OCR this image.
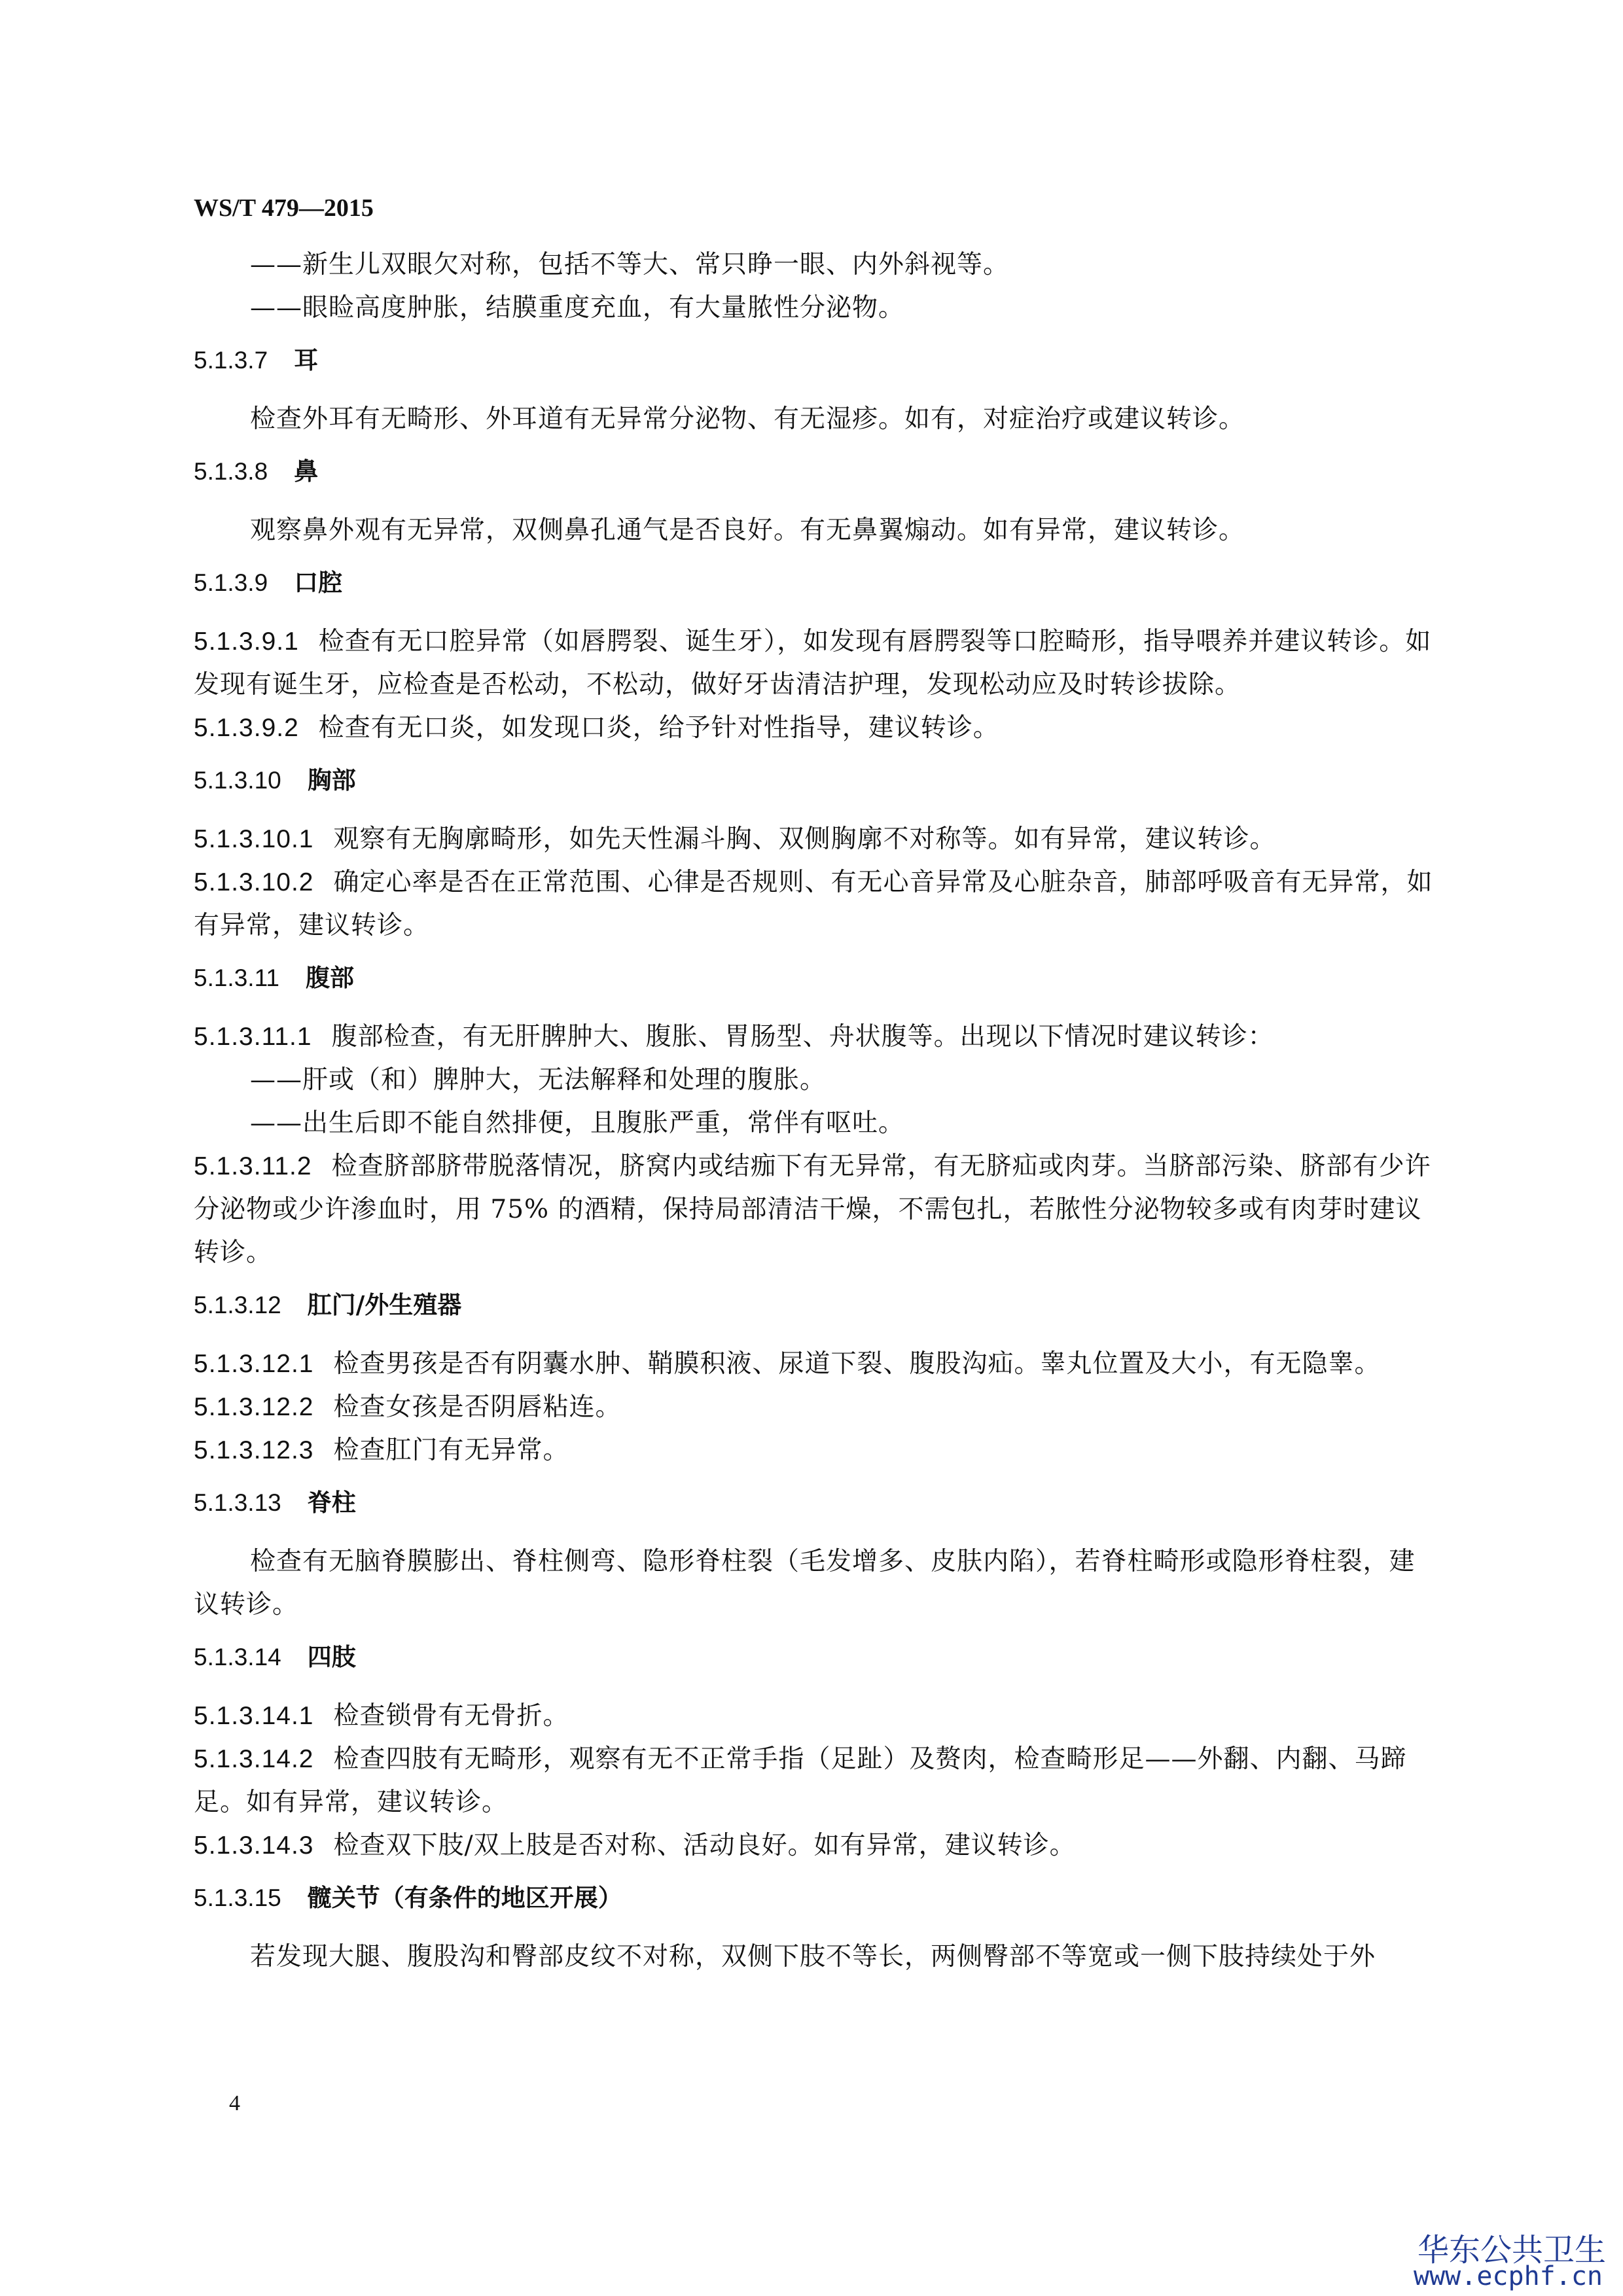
WS/T 479—2015

——新生儿双眼欠对称，包括不等大、常只睁一眼、内外斜视等。

——眼睑高度肿胀，结膜重度充血，有大量脓性分泌物。

5.1.3.7 耳

检查外耳有无畸形、外耳道有无异常分泌物、有无湿疹。如有，对症治疗或建议转诊。

5.1.3.8 鼻

观察鼻外观有无异常，双侧鼻孔通气是否良好。有无鼻翼煽动。如有异常，建议转诊。

5.1.3.9 口腔

5.1.3.9.1 检查有无口腔异常（如唇腭裂、诞生牙），如发现有唇腭裂等口腔畸形，指导喂养并建议转诊。如发现有诞生牙，应检查是否松动，不松动，做好牙齿清洁护理，发现松动应及时转诊拔除。

5.1.3.9.2 检查有无口炎，如发现口炎，给予针对性指导，建议转诊。

5.1.3.10 胸部

5.1.3.10.1 观察有无胸廓畸形，如先天性漏斗胸、双侧胸廓不对称等。如有异常，建议转诊。

5.1.3.10.2 确定心率是否在正常范围、心律是否规则、有无心音异常及心脏杂音，肺部呼吸音有无异常，如有异常，建议转诊。

5.1.3.11 腹部

5.1.3.11.1 腹部检查，有无肝脾肿大、腹胀、胃肠型、舟状腹等。出现以下情况时建议转诊：

——肝或（和）脾肿大，无法解释和处理的腹胀。

——出生后即不能自然排便，且腹胀严重，常伴有呕吐。

5.1.3.11.2 检查脐部脐带脱落情况，脐窝内或结痂下有无异常，有无脐疝或肉芽。当脐部污染、脐部有少许分泌物或少许渗血时，用 75% 的酒精，保持局部清洁干燥，不需包扎，若脓性分泌物较多或有肉芽时建议转诊。

5.1.3.12 肛门/外生殖器

5.1.3.12.1 检查男孩是否有阴囊水肿、鞘膜积液、尿道下裂、腹股沟疝。睾丸位置及大小，有无隐睾。

5.1.3.12.2 检查女孩是否阴唇粘连。

5.1.3.12.3 检查肛门有无异常。

5.1.3.13 脊柱

检查有无脑脊膜膨出、脊柱侧弯、隐形脊柱裂（毛发增多、皮肤内陷），若脊柱畸形或隐形脊柱裂，建议转诊。

5.1.3.14 四肢

5.1.3.14.1 检查锁骨有无骨折。

5.1.3.14.2 检查四肢有无畸形，观察有无不正常手指（足趾）及赘肉，检查畸形足——外翻、内翻、马蹄足。如有异常，建议转诊。

5.1.3.14.3 检查双下肢/双上肢是否对称、活动良好。如有异常，建议转诊。

5.1.3.15 髋关节（有条件的地区开展）

若发现大腿、腹股沟和臀部皮纹不对称，双侧下肢不等长，两侧臀部不等宽或一侧下肢持续处于外

4

华东公共卫生

www.ecphf.cn
